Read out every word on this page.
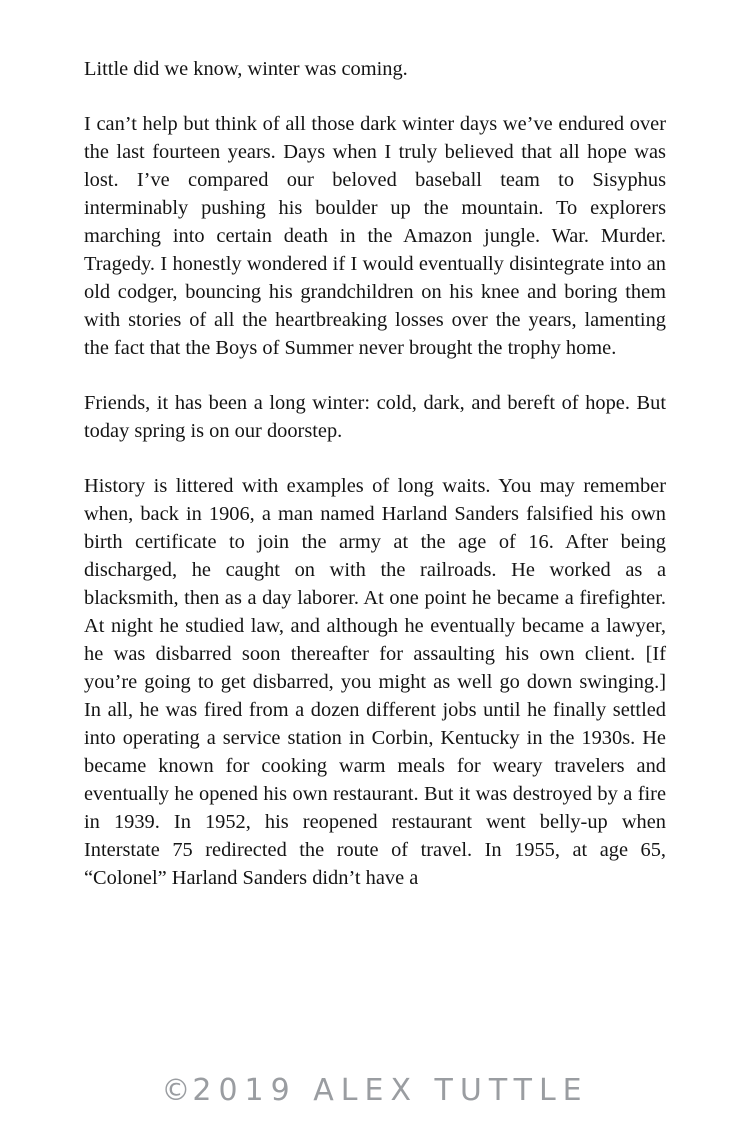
Little did we know, winter was coming.

I can’t help but think of all those dark winter days we’ve endured over the last fourteen years. Days when I truly believed that all hope was lost. I’ve compared our beloved baseball team to Sisyphus interminably pushing his boulder up the mountain. To explorers marching into certain death in the Amazon jungle. War. Murder. Tragedy. I honestly wondered if I would eventually disintegrate into an old codger, bouncing his grandchildren on his knee and boring them with stories of all the heartbreaking losses over the years, lamenting the fact that the Boys of Summer never brought the trophy home.

Friends, it has been a long winter: cold, dark, and bereft of hope. But today spring is on our doorstep.

History is littered with examples of long waits. You may remember when, back in 1906, a man named Harland Sanders falsified his own birth certificate to join the army at the age of 16. After being discharged, he caught on with the railroads. He worked as a blacksmith, then as a day laborer. At one point he became a firefighter. At night he studied law, and although he eventually became a lawyer, he was disbarred soon thereafter for assaulting his own client. [If you’re going to get disbarred, you might as well go down swinging.] In all, he was fired from a dozen different jobs until he finally settled into operating a service station in Corbin, Kentucky in the 1930s. He became known for cooking warm meals for weary travelers and eventually he opened his own restaurant. But it was destroyed by a fire in 1939. In 1952, his reopened restaurant went belly-up when Interstate 75 redirected the route of travel. In 1955, at age 65, “Colonel” Harland Sanders didn’t have a

©2019 ALEX TUTTLE
